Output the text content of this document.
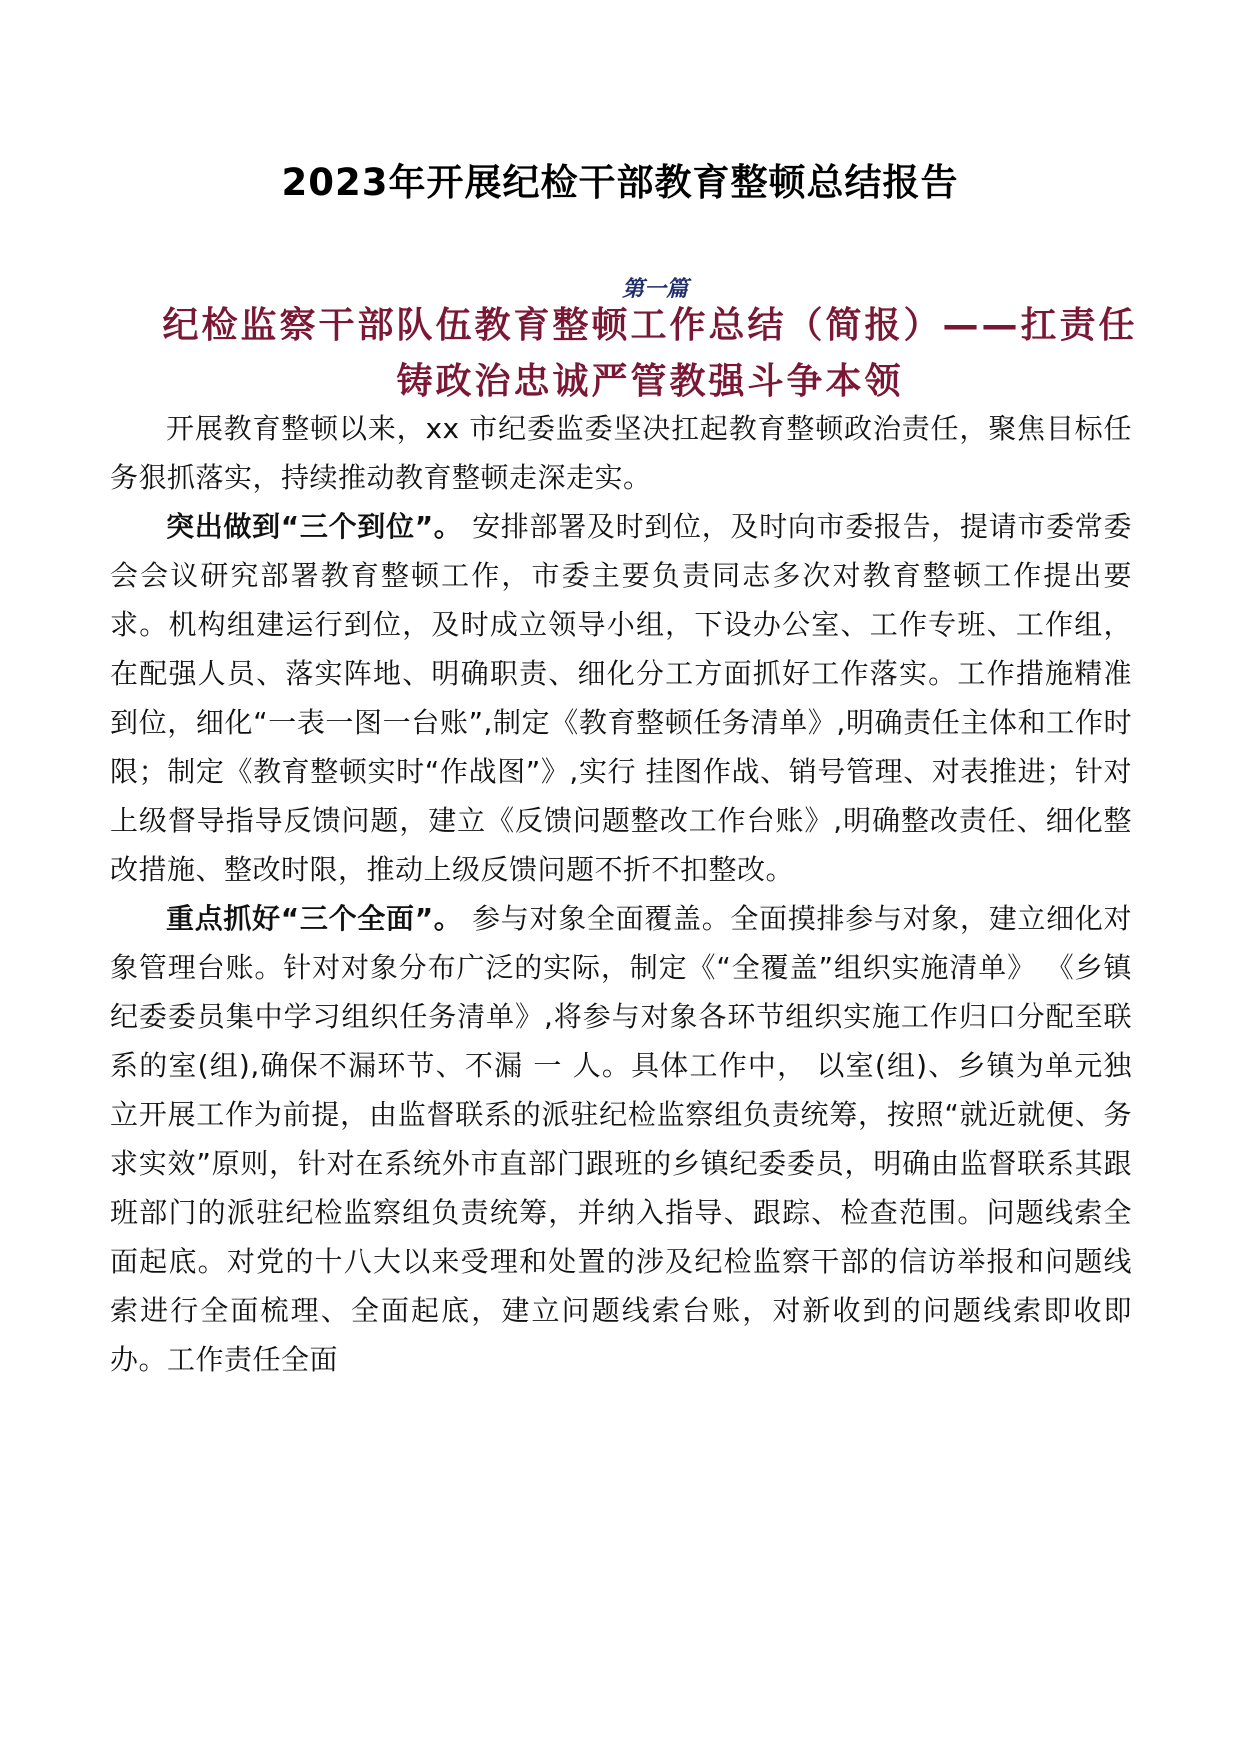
2023年开展纪检干部教育整顿总结报告
第一篇
纪检监察干部队伍教育整顿工作总结（简报）——扛责任铸政治忠诚严管教强斗争本领

开展教育整顿以来，xx 市纪委监委坚决扛起教育整顿政治责任，聚焦目标任务狠抓落实，持续推动教育整顿走深走实。

突出做到“三个到位”。 安排部署及时到位，及时向市委报告，提请市委常委会会议研究部署教育整顿工作，市委主要负责同志多次对教育整顿工作提出要求。机构组建运行到位，及时成立领导小组，下设办公室、工作专班、工作组，在配强人员、落实阵地、明确职责、细化分工方面抓好工作落实。工作措施精准到位，细化“一表一图一台账”,制定《教育整顿任务清单》,明确责任主体和工作时限；制定《教育整顿实时“作战图”》,实行 挂图作战、销号管理、对表推进；针对上级督导指导反馈问题，建立《反馈问题整改工作台账》,明确整改责任、细化整改措施、整改时限，推动上级反馈问题不折不扣整改。

重点抓好“三个全面”。 参与对象全面覆盖。全面摸排参与对象，建立细化对象管理台账。针对对象分布广泛的实际，制定《“全覆盖”组织实施清单》 《乡镇纪委委员集中学习组织任务清单》,将参与对象各环节组织实施工作归口分配至联系的室(组),确保不漏环节、不漏 一 人。具体工作中， 以室(组)、乡镇为单元独立开展工作为前提，由监督联系的派驻纪检监察组负责统筹，按照“就近就便、务求实效”原则，针对在系统外市直部门跟班的乡镇纪委委员，明确由监督联系其跟班部门的派驻纪检监察组负责统筹，并纳入指导、跟踪、检查范围。问题线索全面起底。对党的十八大以来受理和处置的涉及纪检监察干部的信访举报和问题线索进行全面梳理、全面起底，建立问题线索台账，对新收到的问题线索即收即办。工作责任全面
